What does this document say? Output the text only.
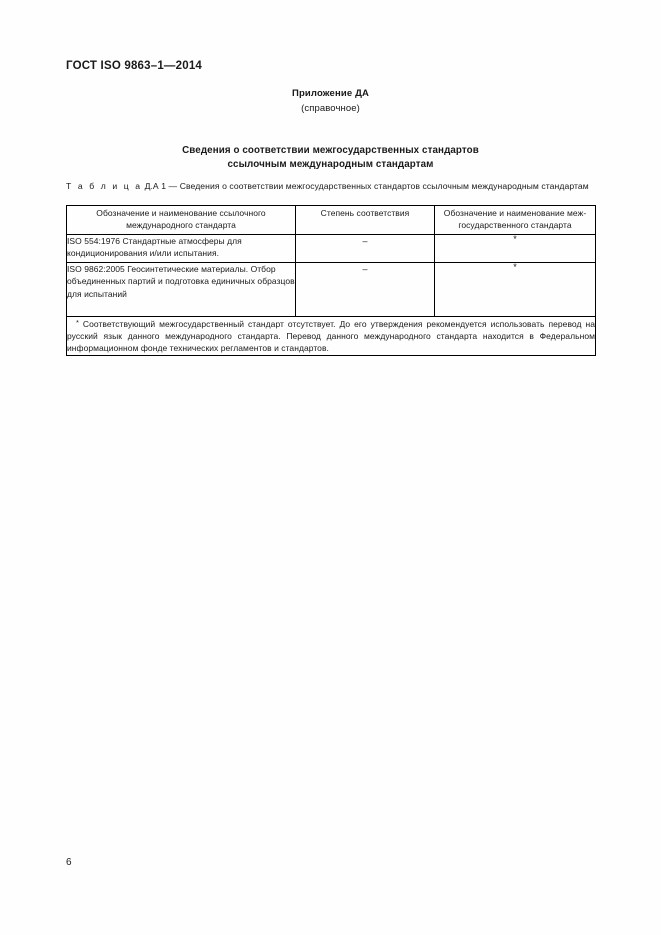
ГОСТ ISO 9863–1—2014

Приложение ДА

(справочное)

Сведения о соответствии межгосударственных стандартов
ссылочным международным стандартам
Т а б л и ц а Д.А 1 — Сведения о соответствии межгосударственных стандартов ссылочным международным стандартам
Обозначение и наименование ссылочного международного стандарта	Степень соответствия	Обозначение и наименование меж-государственного стандарта
ISO 554:1976 Стандартные атмосферы для кондиционирования и/или испытания.	–	*
ISO 9862:2005 Геосинтетические материалы. Отбор объединенных партий и подготовка единичных образцов для испытаний	–	*

* Соответствующий межгосударственный стандарт отсутствует. До его утверждения рекомендуется использовать перевод на русский язык данного международного стандарта. Перевод данного международного стандарта находится в Федеральном информационном фонде технических регламентов и стандартов.		
6
